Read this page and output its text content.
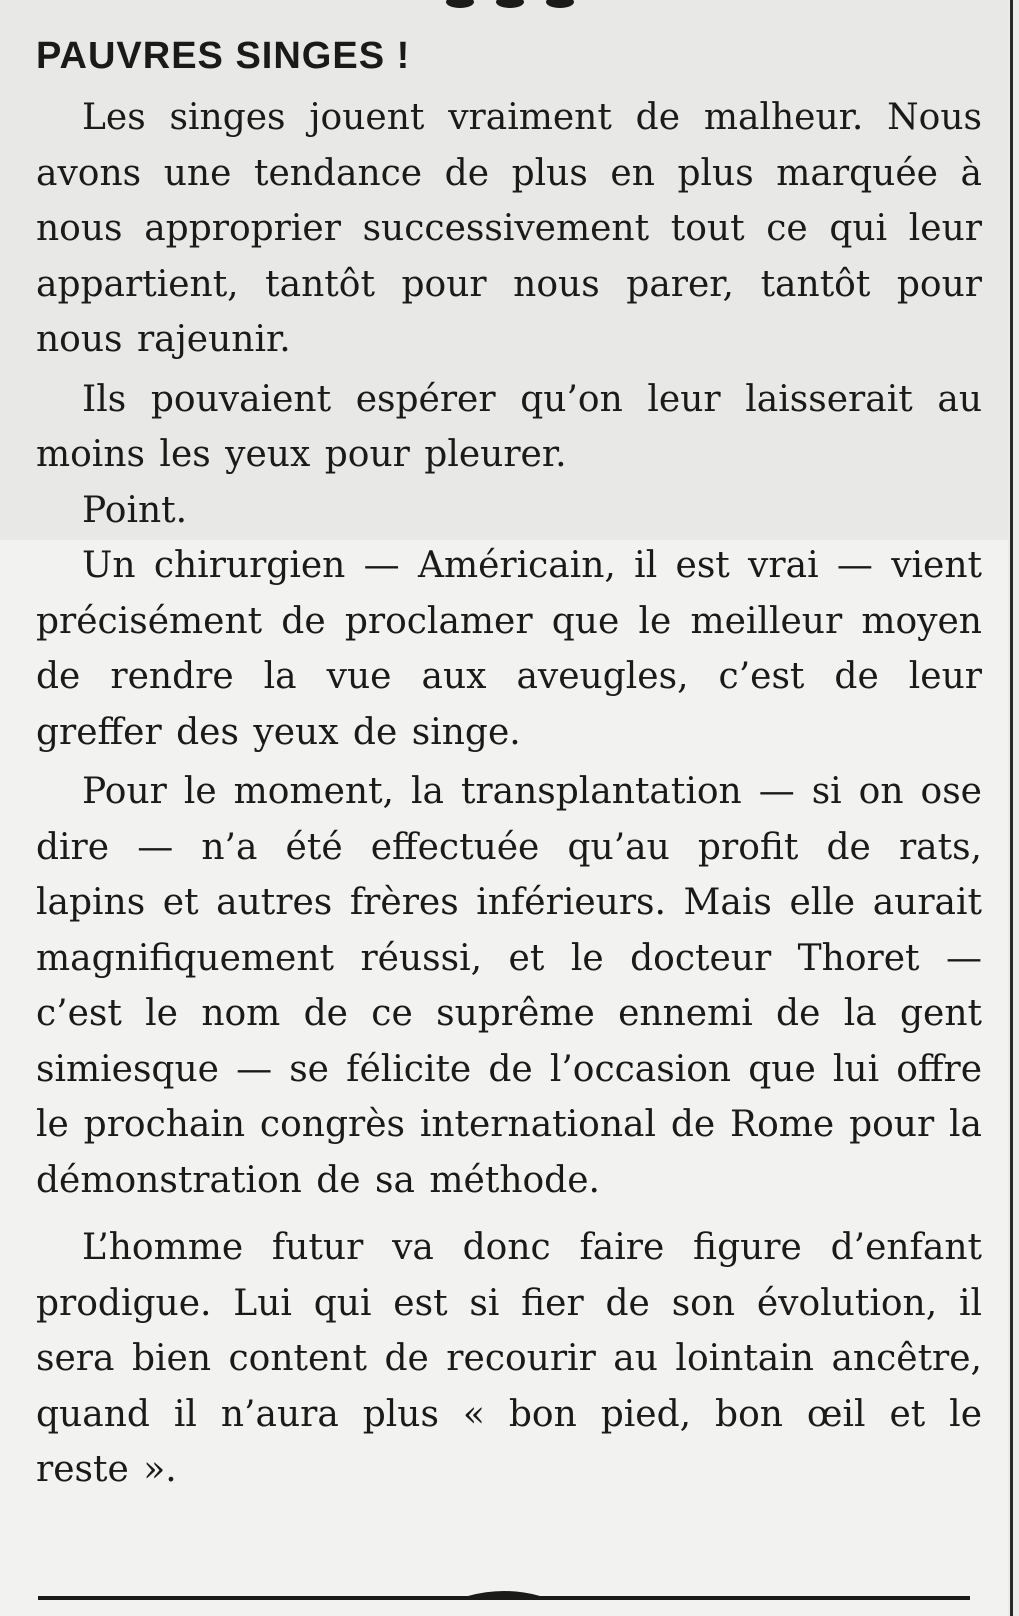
PAUVRES SINGES !

Les singes jouent vraiment de malheur. Nous avons une tendance de plus en plus marquée à nous approprier successivement tout ce qui leur appartient, tantôt pour nous parer, tantôt pour nous rajeunir.

Ils pouvaient espérer qu’on leur laisserait au moins les yeux pour pleurer.

Point.

Un chirurgien — Américain, il est vrai — vient précisément de proclamer que le meilleur moyen de rendre la vue aux aveugles, c’est de leur greffer des yeux de singe.

Pour le moment, la transplantation — si on ose dire — n’a été effectuée qu’au profit de rats, lapins et autres frères inférieurs. Mais elle aurait magnifiquement réussi, et le docteur Thoret — c’est le nom de ce suprême ennemi de la gent simiesque — se félicite de l’occasion que lui offre le prochain congrès international de Rome pour la démonstration de sa méthode.

L’homme futur va donc faire figure d’enfant prodigue. Lui qui est si fier de son évolution, il sera bien content de recourir au lointain ancêtre, quand il n’aura plus « bon pied, bon œil et le reste ».
